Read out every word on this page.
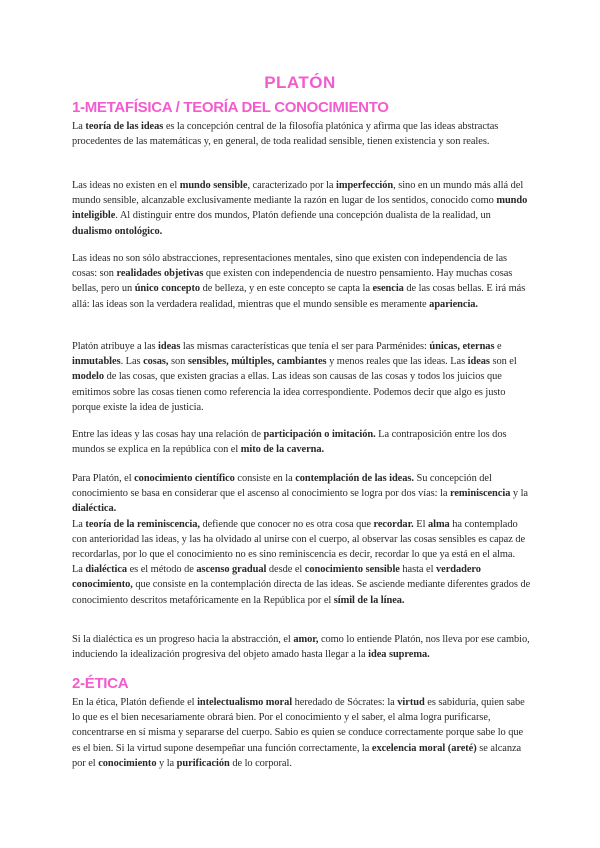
PLATÓN
1-METAFÍSICA / TEORÍA DEL CONOCIMIENTO
La teoría de las ideas es la concepción central de la filosofía platónica y afirma que las ideas abstractas procedentes de las matemáticas y, en general, de toda realidad sensible, tienen existencia y son reales.
Las ideas no existen en el mundo sensible, caracterizado por la imperfección, sino en un mundo más allá del mundo sensible, alcanzable exclusivamente mediante la razón en lugar de los sentidos, conocido como mundo inteligible. Al distinguir entre dos mundos, Platón defiende una concepción dualista de la realidad, un dualismo ontológico.
Las ideas no son sólo abstracciones, representaciones mentales, sino que existen con independencia de las cosas: son realidades objetivas que existen con independencia de nuestro pensamiento. Hay muchas cosas bellas, pero un único concepto de belleza, y en este concepto se capta la esencia de las cosas bellas. E irá más allá: las ideas son la verdadera realidad, mientras que el mundo sensible es meramente apariencia.
Platón atribuye a las ideas las mismas características que tenía el ser para Parménides: únicas, eternas e inmutables. Las cosas, son sensibles, múltiples, cambiantes y menos reales que las ideas. Las ideas son el modelo de las cosas, que existen gracias a ellas. Las ideas son causas de las cosas y todos los juicios que emitimos sobre las cosas tienen como referencia la idea correspondiente. Podemos decir que algo es justo porque existe la idea de justicia.
Entre las ideas y las cosas hay una relación de participación o imitación. La contraposición entre los dos mundos se explica en la república con el mito de la caverna.
Para Platón, el conocimiento científico consiste en la contemplación de las ideas. Su concepción del conocimiento se basa en considerar que el ascenso al conocimiento se logra por dos vías: la reminiscencia y la dialéctica.
La teoría de la reminiscencia, defiende que conocer no es otra cosa que recordar. El alma ha contemplado con anterioridad las ideas, y las ha olvidado al unirse con el cuerpo, al observar las cosas sensibles es capaz de recordarlas, por lo que el conocimiento no es sino reminiscencia es decir, recordar lo que ya está en el alma.
La dialéctica es el método de ascenso gradual desde el conocimiento sensible hasta el verdadero conocimiento, que consiste en la contemplación directa de las ideas. Se asciende mediante diferentes grados de conocimiento descritos metafóricamente en la República por el símil de la línea.
Si la dialéctica es un progreso hacia la abstracción, el amor, como lo entiende Platón, nos lleva por ese cambio, induciendo la idealización progresiva del objeto amado hasta llegar a la idea suprema.
2-ÉTICA
En la ética, Platón defiende el intelectualismo moral heredado de Sócrates: la virtud es sabiduría, quien sabe lo que es el bien necesariamente obrará bien. Por el conocimiento y el saber, el alma logra purificarse, concentrarse en sí misma y separarse del cuerpo. Sabio es quien se conduce correctamente porque sabe lo que es el bien. Si la virtud supone desempeñar una función correctamente, la excelencia moral (areté) se alcanza por el conocimiento y la purificación de lo corporal.
